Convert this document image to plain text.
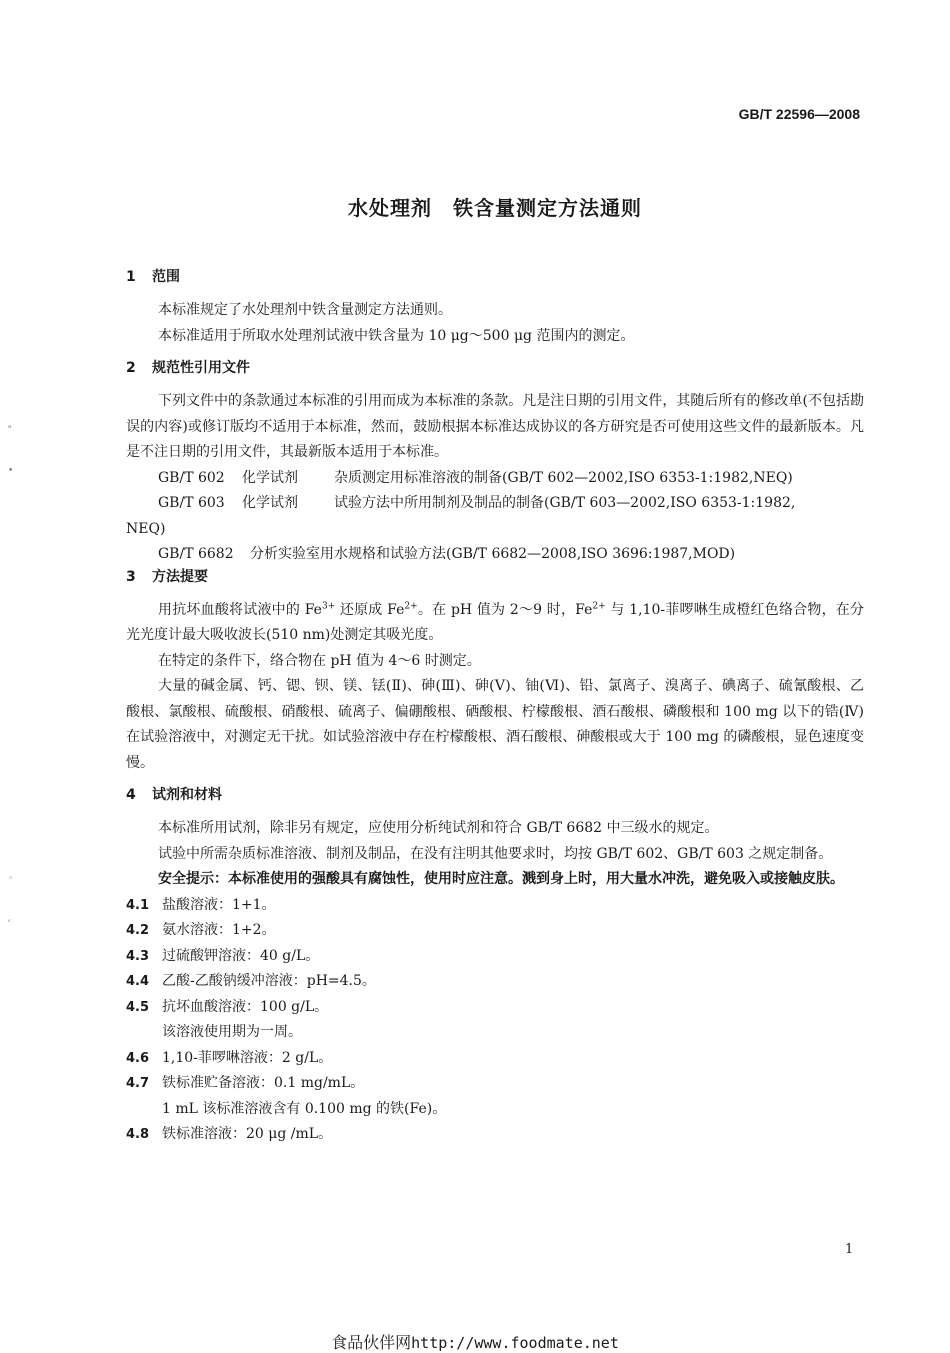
GB/T 22596—2008
水处理剂　铁含量测定方法通则
ⁿ
•
◦
ᶜ
1 范围

本标准规定了水处理剂中铁含量测定方法通则。

本标准适用于所取水处理剂试液中铁含量为 10 μg～500 μg 范围内的测定。

2 规范性引用文件

下列文件中的条款通过本标准的引用而成为本标准的条款。凡是注日期的引用文件，其随后所有的修改单(不包括勘误的内容)或修订版均不适用于本标准，然而，鼓励根据本标准达成协议的各方研究是否可使用这些文件的最新版本。凡是不注日期的引用文件，其最新版本适用于本标准。

GB/T 602 化学试剂	杂质测定用标准溶液的制备(GB/T 602—2002,ISO 6353-1:1982,NEQ)

GB/T 603 化学试剂	试验方法中所用制剂及制品的制备(GB/T 603—2002,ISO 6353-1:1982,

NEQ)

GB/T 6682 分析实验室用水规格和试验方法(GB/T 6682—2008,ISO 3696:1987,MOD)

3 方法提要

用抗坏血酸将试液中的 $Fe^{3+}$ 还原成 $Fe^{2+}$。在 pH 值为 2～9 时，$Fe^{2+}$ 与 1,10-菲啰啉生成橙红色络合物，在分光光度计最大吸收波长(510 nm)处测定其吸光度。

在特定的条件下，络合物在 pH 值为 4～6 时测定。

大量的碱金属、钙、锶、钡、镁、铥(Ⅱ)、砷(Ⅲ)、砷(Ⅴ)、铀(Ⅵ)、铅、氯离子、溴离子、碘离子、硫氰酸根、乙酸根、氯酸根、硫酸根、硝酸根、硫离子、偏硼酸根、硒酸根、柠檬酸根、酒石酸根、磷酸根和 100 mg 以下的锆(Ⅳ)在试验溶液中，对测定无干扰。如试验溶液中存在柠檬酸根、酒石酸根、砷酸根或大于 100 mg 的磷酸根，显色速度变慢。

4 试剂和材料

本标准所用试剂，除非另有规定，应使用分析纯试剂和符合 GB/T 6682 中三级水的规定。

试验中所需杂质标准溶液、制剂及制品，在没有注明其他要求时，均按 GB/T 602、GB/T 603 之规定制备。

安全提示：本标准使用的强酸具有腐蚀性，使用时应注意。溅到身上时，用大量水冲洗，避免吸入或接触皮肤。

4.1 盐酸溶液：1+1。

4.2 氨水溶液：1+2。

4.3 过硫酸钾溶液：40 g/L。

4.4 乙酸-乙酸钠缓冲溶液：pH=4.5。

4.5 抗坏血酸溶液：100 g/L。

该溶液使用期为一周。

4.6 1,10-菲啰啉溶液：2 g/L。

4.7 铁标准贮备溶液：0.1 mg/mL。

1 mL 该标准溶液含有 0.100 mg 的铁(Fe)。

4.8 铁标准溶液：20 μg /mL。

1
食品伙伴网http://www.foodmate.net
